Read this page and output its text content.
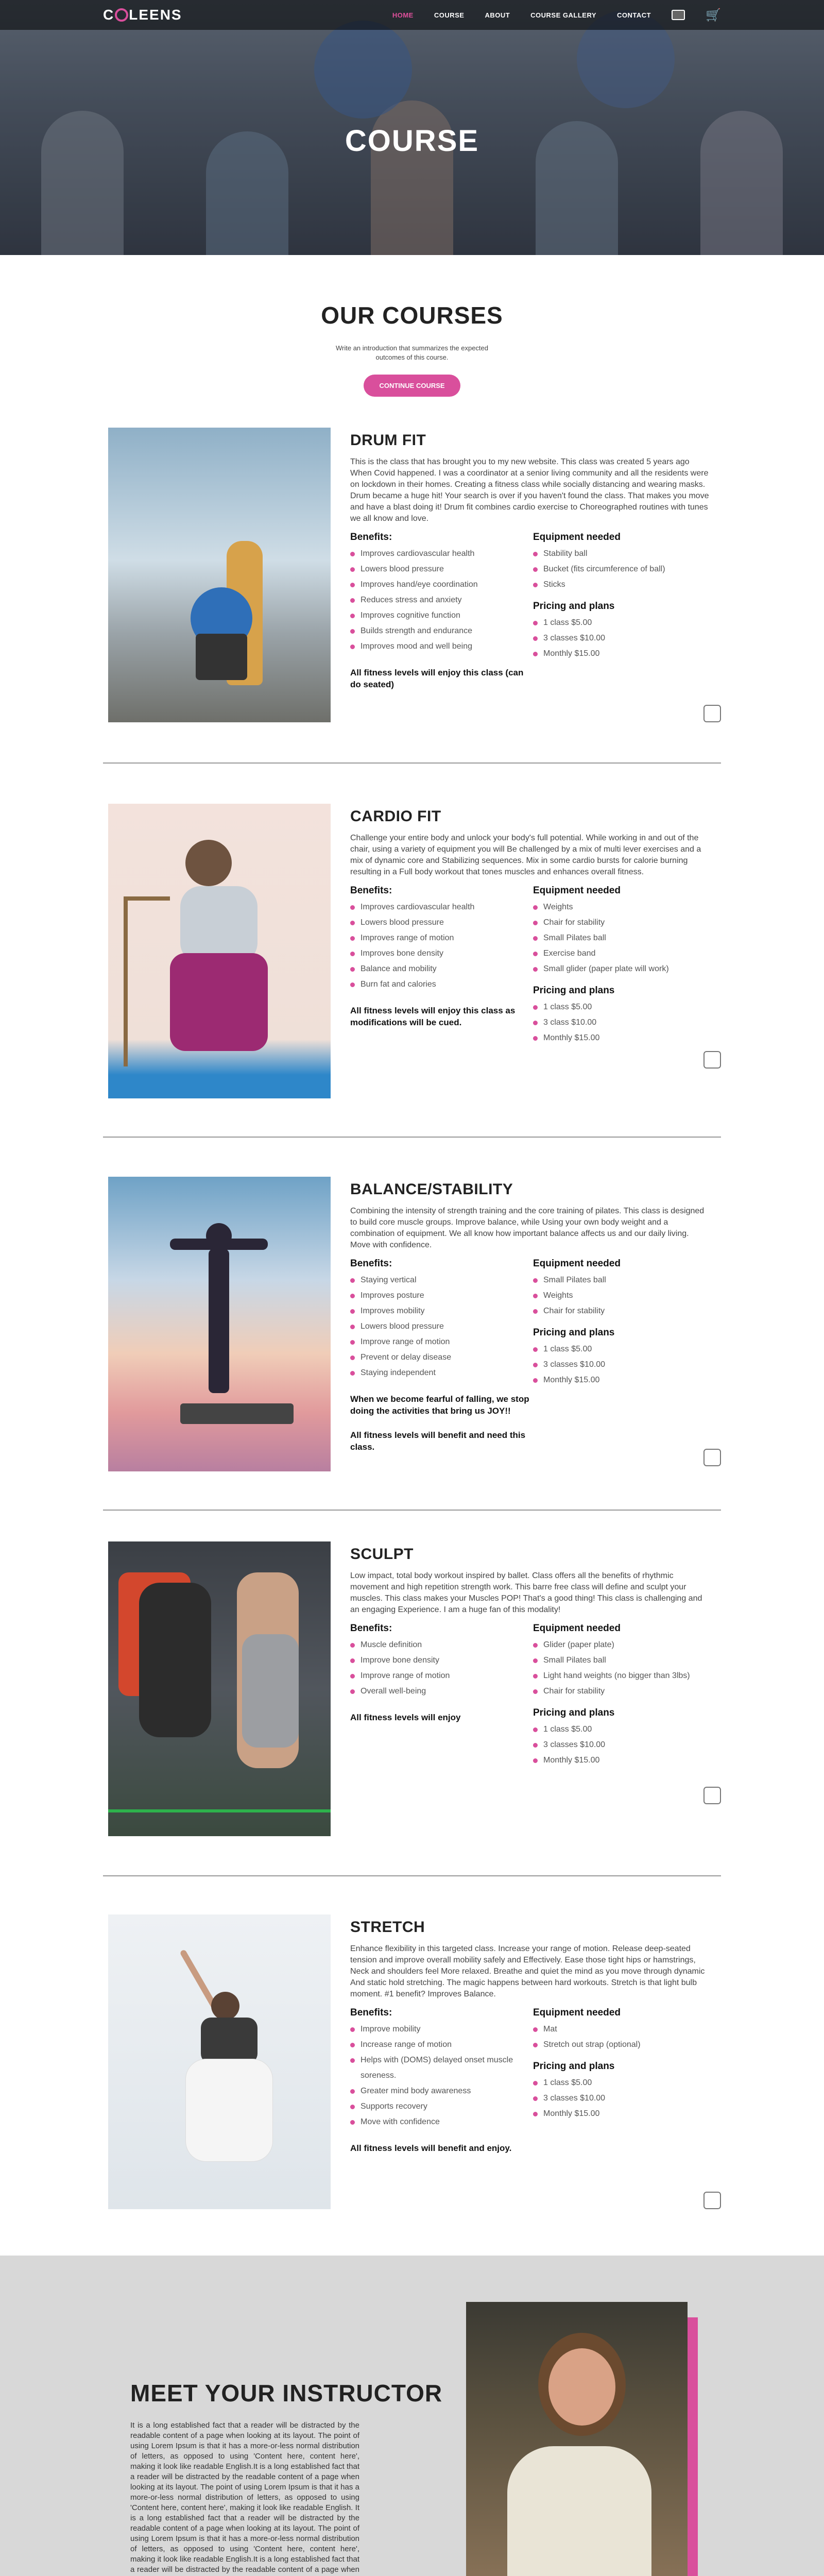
C LEENS	HOME	COURSE	ABOUT	COURSE GALLERY	CONTACT	🛒
COURSE
OUR COURSES

Write an introduction that summarizes the expected outcomes of this course.

CONTINUE COURSE
DRUM FIT
This is the class that has brought you to my new website. This class was created 5 years ago When Covid happened. I was a coordinator at a senior living community and all the residents were on lockdown in their homes. Creating a fitness class while socially distancing and wearing masks. Drum became a huge hit! Your search is over if you haven't found the class. That makes you move and have a blast doing it! Drum fit combines cardio exercise to Choreographed routines with tunes we all know and love.
Benefits:
Improves cardiovascular health
Lowers blood pressure
Improves hand/eye coordination
Reduces stress and anxiety
Improves cognitive function
Builds strength and endurance
Improves mood and well being
All fitness levels will enjoy this class (can do seated)
Equipment needed
Stability ball
Bucket (fits circumference of ball)
Sticks
Pricing and plans
1 class $5.00
3 classes $10.00
Monthly $15.00
CARDIO FIT
Challenge your entire body and unlock your body's full potential. While working in and out of the chair, using a variety of equipment you will Be challenged by a mix of multi lever exercises and a mix of dynamic core and Stabilizing sequences. Mix in some cardio bursts for calorie burning resulting in a Full body workout that tones muscles and enhances overall fitness.
Benefits:
Improves cardiovascular health
Lowers blood pressure
Improves range of motion
Improves bone density
Balance and mobility
Burn fat and calories
All fitness levels will enjoy this class as modifications will be cued.
Equipment needed
Weights
Chair for stability
Small Pilates ball
Exercise band
Small glider (paper plate will work)
Pricing and plans
1 class $5.00
3 class $10.00
Monthly $15.00
BALANCE/STABILITY
Combining the intensity of strength training and the core training of pilates. This class is designed to build core muscle groups. Improve balance, while Using your own body weight and a combination of equipment. We all know how important balance affects us and our daily living. Move with confidence.
Benefits:
Staying vertical
Improves posture
Improves mobility
Lowers blood pressure
Improve range of motion
Prevent or delay disease
Staying independent
When we become fearful of falling, we stop doing the activities that bring us JOY!!
All fitness levels will benefit and need this class.
Equipment needed
Small Pilates ball
Weights
Chair for stability
Pricing and plans
1 class $5.00
3 classes $10.00
Monthly $15.00
SCULPT
Low impact, total body workout inspired by ballet. Class offers all the benefits of rhythmic movement and high repetition strength work. This barre free class will define and sculpt your muscles. This class makes your Muscles POP! That's a good thing! This class is challenging and an engaging Experience. I am a huge fan of this modality!
Benefits:
Muscle definition
Improve bone density
Improve range of motion
Overall well-being
All fitness levels will enjoy
Equipment needed
Glider (paper plate)
Small Pilates ball
Light hand weights (no bigger than 3lbs)
Chair for stability
Pricing and plans
1 class $5.00
3 classes $10.00
Monthly $15.00
STRETCH
Enhance flexibility in this targeted class. Increase your range of motion. Release deep-seated tension and improve overall mobility safely and Effectively. Ease those tight hips or hamstrings, Neck and shoulders feel More relaxed. Breathe and quiet the mind as you move through dynamic And static hold stretching. The magic happens between hard workouts. Stretch is that light bulb moment. #1 benefit? Improves Balance.
Benefits:
Improve mobility
Increase range of motion
Helps with (DOMS) delayed onset muscle soreness.
Greater mind body awareness
Supports recovery
Move with confidence
All fitness levels will benefit and enjoy.
Equipment needed
Mat
Stretch out strap (optional)
Pricing and plans
1 class $5.00
3 classes $10.00
Monthly $15.00
MEET YOUR INSTRUCTOR

It is a long established fact that a reader will be distracted by the readable content of a page when looking at its layout. The point of using Lorem Ipsum is that it has a more-or-less normal distribution of letters, as opposed to using 'Content here, content here', making it look like readable English.It is a long established fact that a reader will be distracted by the readable content of a page when looking at its layout. The point of using Lorem Ipsum is that it has a more-or-less normal distribution of letters, as opposed to using 'Content here, content here', making it look like readable English. It is a long established fact that a reader will be distracted by the readable content of a page when looking at its layout. The point of using Lorem Ipsum is that it has a more-or-less normal distribution of letters, as opposed to using 'Content here, content here', making it look like readable English.It is a long established fact that a reader will be distracted by the readable content of a page when
